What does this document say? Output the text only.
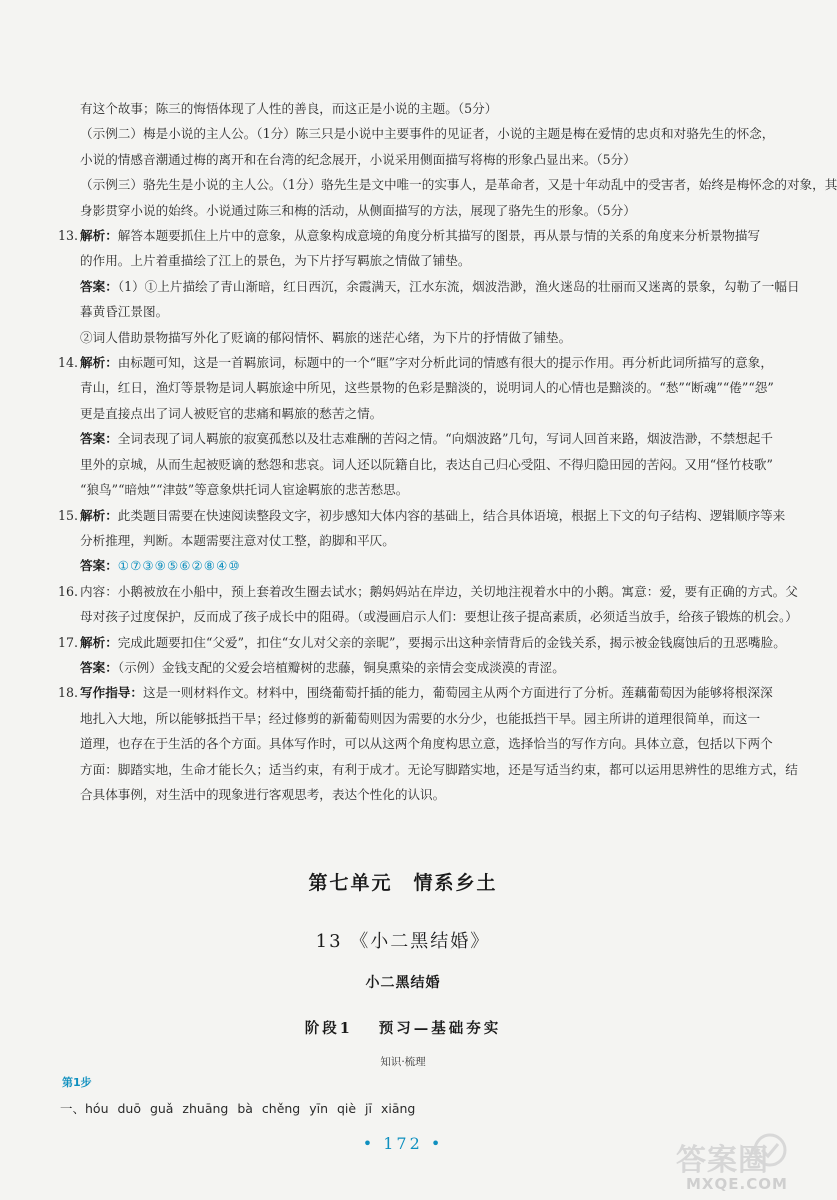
有这个故事；陈三的悔悟体现了人性的善良，而这正是小说的主题。（5分）
（示例二）梅是小说的主人公。（1分）陈三只是小说中主要事件的见证者，小说的主题是梅在爱情的忠贞和对骆先生的怀念，
小说的情感音潮通过梅的离开和在台湾的纪念展开，小说采用侧面描写将梅的形象凸显出来。（5分）
（示例三）骆先生是小说的主人公。（1分）骆先生是文中唯一的实事人，是革命者，又是十年动乱中的受害者，始终是梅怀念的对象，其
身影贯穿小说的始终。小说通过陈三和梅的活动，从侧面描写的方法，展现了骆先生的形象。（5分）
13. 解析：解答本题要抓住上片中的意象，从意象构成意境的角度分析其描写的图景，再从景与情的关系的角度来分析景物描写
的作用。上片着重描绘了江上的景色，为下片抒写羁旅之情做了铺垫。
答案：（1）①上片描绘了青山渐暗，红日西沉，余霞满天，江水东流，烟波浩渺，渔火迷岛的壮丽而又迷离的景象，勾勒了一幅日
暮黄昏江景图。
②词人借助景物描写外化了贬谪的郁闷情怀、羁旅的迷茫心绪，为下片的抒情做了铺垫。
14. 解析：由标题可知，这是一首羁旅词，标题中的一个“眶”字对分析此词的情感有很大的提示作用。再分析此词所描写的意象，
青山，红日，渔灯等景物是词人羁旅途中所见，这些景物的色彩是黯淡的，说明词人的心情也是黯淡的。“愁”“断魂”“倦”“怨”
更是直接点出了词人被贬官的悲痛和羁旅的愁苦之情。
答案：全词表现了词人羁旅的寂寞孤愁以及壮志难酬的苦闷之情。“向烟波路”几句，写词人回首来路，烟波浩渺，不禁想起千
里外的京城，从而生起被贬谪的愁怨和悲哀。词人还以阮籍自比，表达自己归心受阻、不得归隐田园的苦闷。又用“怪竹枝歌”
“狼鸟”“暗烛”“津鼓”等意象烘托词人宦途羁旅的悲苦愁思。
15. 解析：此类题目需要在快速阅读整段文字，初步感知大体内容的基础上，结合具体语境，根据上下文的句子结构、逻辑顺序等来
分析推理，判断。本题需要注意对仗工整，韵脚和平仄。
答案：①⑦③⑨⑤⑥②⑧④⑩
16. 内容：小鹅被放在小船中，预上套着改生圈去试水；鹅妈妈站在岸边，关切地注视着水中的小鹅。寓意：爱，要有正确的方式。父
母对孩子过度保护，反而成了孩子成长中的阻碍。（或漫画启示人们：要想让孩子提高素质，必须适当放手，给孩子锻炼的机会。）
17. 解析：完成此题要扣住“父爱”，扣住“女儿对父亲的亲昵”，要揭示出这种亲情背后的金钱关系，揭示被金钱腐蚀后的丑恶嘴脸。
答案：（示例）金钱支配的父爱会培植瓣树的悲藤，铜臭熏染的亲情会变成淡漠的青涩。
18. 写作指导：这是一则材料作文。材料中，围绕葡萄扦插的能力，葡萄园主从两个方面进行了分析。莲藕葡萄因为能够将根深深
地扎入大地，所以能够抵挡干旱；经过修剪的新葡萄则因为需要的水分少，也能抵挡干旱。园主所讲的道理很简单，而这一
道理，也存在于生活的各个方面。具体写作时，可以从这两个角度构思立意，选择恰当的写作方向。具体立意，包括以下两个
方面：脚踏实地，生命才能长久；适当约束，有利于成才。无论写脚踏实地，还是写适当约束，都可以运用思辨性的思维方式，结
合具体事例，对生活中的现象进行客观思考，表达个性化的认识。
第七单元　情系乡土
13 《小二黑结婚》
小二黑结婚
阶段1 预习—基础夯实
知识·梳理
第1步
一、hóu duō guǎ zhuāng bà chěng yīn qiè jī xiāng
• 172 •	答案圈
MXQE.COM
